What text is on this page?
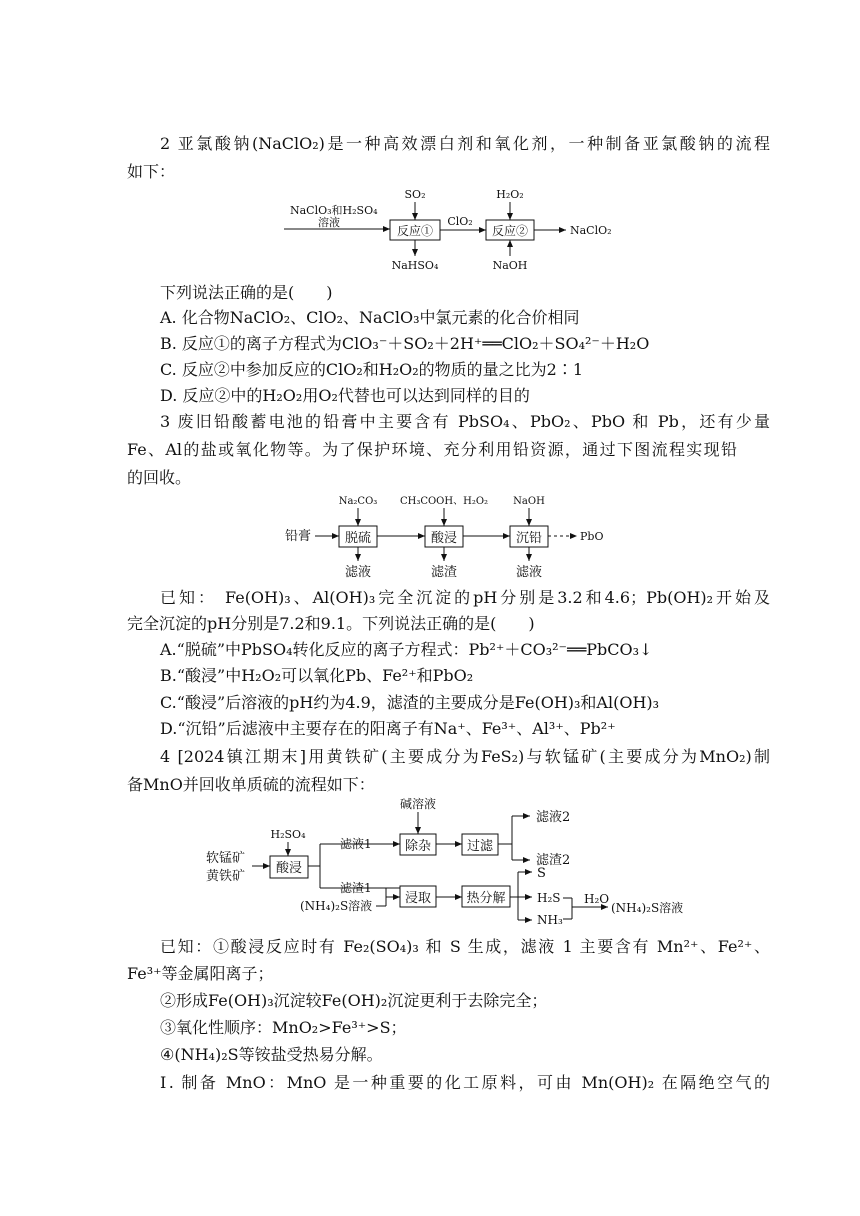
2 亚氯酸钠(NaClO₂)是一种高效漂白剂和氧化剂，一种制备亚氯酸钠的流程
如下：
NaClO₃和H₂SO₄
溶液
反应①
SO₂
NaHSO₄
ClO₂
反应②
H₂O₂
NaOH
NaClO₂
下列说法正确的是(　　)
A. 化合物NaClO₂、ClO₂、NaClO₃中氯元素的化合价相同
B. 反应①的离子方程式为ClO₃⁻＋SO₂＋2H⁺══ClO₂＋SO₄²⁻＋H₂O
C. 反应②中参加反应的ClO₂和H₂O₂的物质的量之比为2∶1
D. 反应②中的H₂O₂用O₂代替也可以达到同样的目的
3 废旧铅酸蓄电池的铅膏中主要含有 PbSO₄、PbO₂、PbO 和 Pb，还有少量
Fe、Al的盐或氧化物等。为了保护环境、充分利用铅资源，通过下图流程实现铅
的回收。
铅膏	脱硫
Na₂CO₃
滤液
酸浸
CH₃COOH、H₂O₂
滤渣
沉铅
NaOH
滤液
PbO
已知： Fe(OH)₃、Al(OH)₃完全沉淀的pH分别是3.2和4.6；Pb(OH)₂开始及
完全沉淀的pH分别是7.2和9.1。下列说法正确的是(　　)
A.“脱硫”中PbSO₄转化反应的离子方程式：Pb²⁺＋CO₃²⁻══PbCO₃↓
B.“酸浸”中H₂O₂可以氧化Pb、Fe²⁺和PbO₂
C.“酸浸”后溶液的pH约为4.9，滤渣的主要成分是Fe(OH)₃和Al(OH)₃
D.“沉铅”后滤液中主要存在的阳离子有Na⁺、Fe³⁺、Al³⁺、Pb²⁺
4 [2024镇江期末]用黄铁矿(主要成分为FeS₂)与软锰矿(主要成分为MnO₂)制
备MnO并回收单质硫的流程如下：
软锰矿
黄铁矿
H₂SO₄
酸浸
滤液1
滤渣1
碱溶液
除杂	过滤
滤液2
滤渣2
(NH₄)₂S溶液	浸取	热分解
S
H₂S
NH₃
H₂O
(NH₄)₂S溶液
已知：①酸浸反应时有 Fe₂(SO₄)₃ 和 S 生成，滤液 1 主要含有 Mn²⁺、Fe²⁺、
Fe³⁺等金属阳离子；
②形成Fe(OH)₃沉淀较Fe(OH)₂沉淀更利于去除完全；
③氧化性顺序：MnO₂>Fe³⁺>S；
④(NH₄)₂S等铵盐受热易分解。
Ⅰ. 制备 MnO：MnO 是一种重要的化工原料，可由 Mn(OH)₂ 在隔绝空气的
